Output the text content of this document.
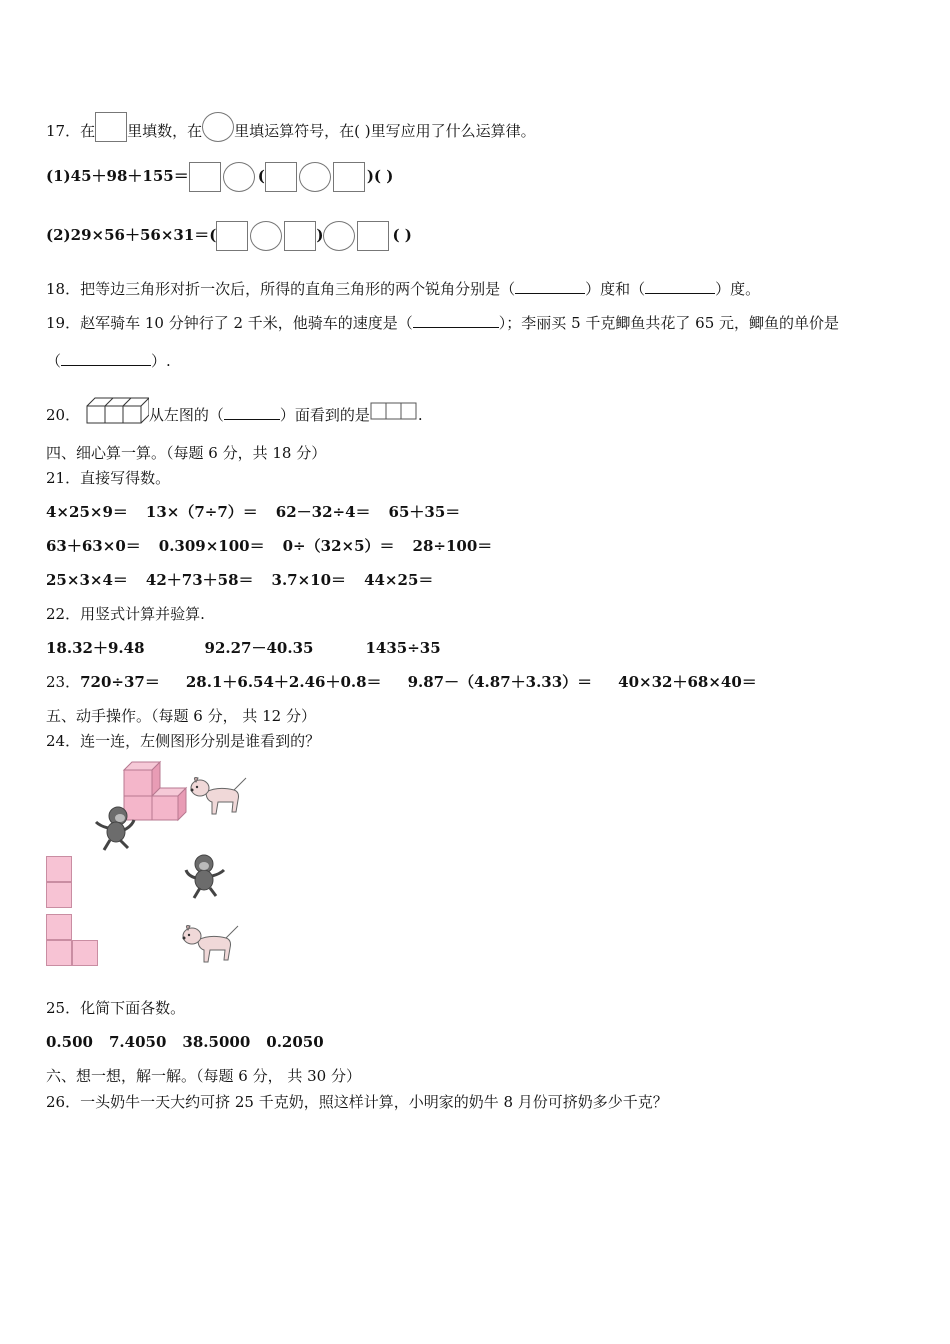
17．在 里填数，在 里填运算符号，在( )里写应用了什么运算律。
(1)45＋98＋155＝	(	)( )
(2)29×56＋56×31＝(	)	( )
18．把等边三角形对折一次后，所得的直角三角形的两个锐角分别是（	）度和（	）度。
19．赵军骑车 10 分钟行了 2 千米，他骑车的速度是（	）；李丽买 5 千克鲫鱼共花了 65 元，鲫鱼的单价是
（	）.
20．	从左图的（	）面看到的是	.
四、细心算一算。（每题 6 分，共 18 分）
21．直接写得数。
4×25×9＝ 13×（7÷7）＝ 62－32÷4＝ 65＋35＝
63＋63×0＝ 0.309×100＝ 0÷（32×5）＝ 28÷100＝
25×3×4＝ 42＋73＋58＝ 3.7×10＝ 44×25＝
22．用竖式计算并验算.
18.32＋9.48	92.27－40.35	1435÷35
23．720÷37＝ 28.1＋6.54＋2.46＋0.8＝ 9.87－（4.87＋3.33）＝ 40×32＋68×40＝
五、动手操作。（每题 6 分， 共 12 分）
24．连一连，左侧图形分别是谁看到的？
25．化简下面各数。
0.500 7.4050 38.5000 0.2050
六、想一想，解一解。（每题 6 分， 共 30 分）
26．一头奶牛一天大约可挤 25 千克奶，照这样计算，小明家的奶牛 8 月份可挤奶多少千克？
